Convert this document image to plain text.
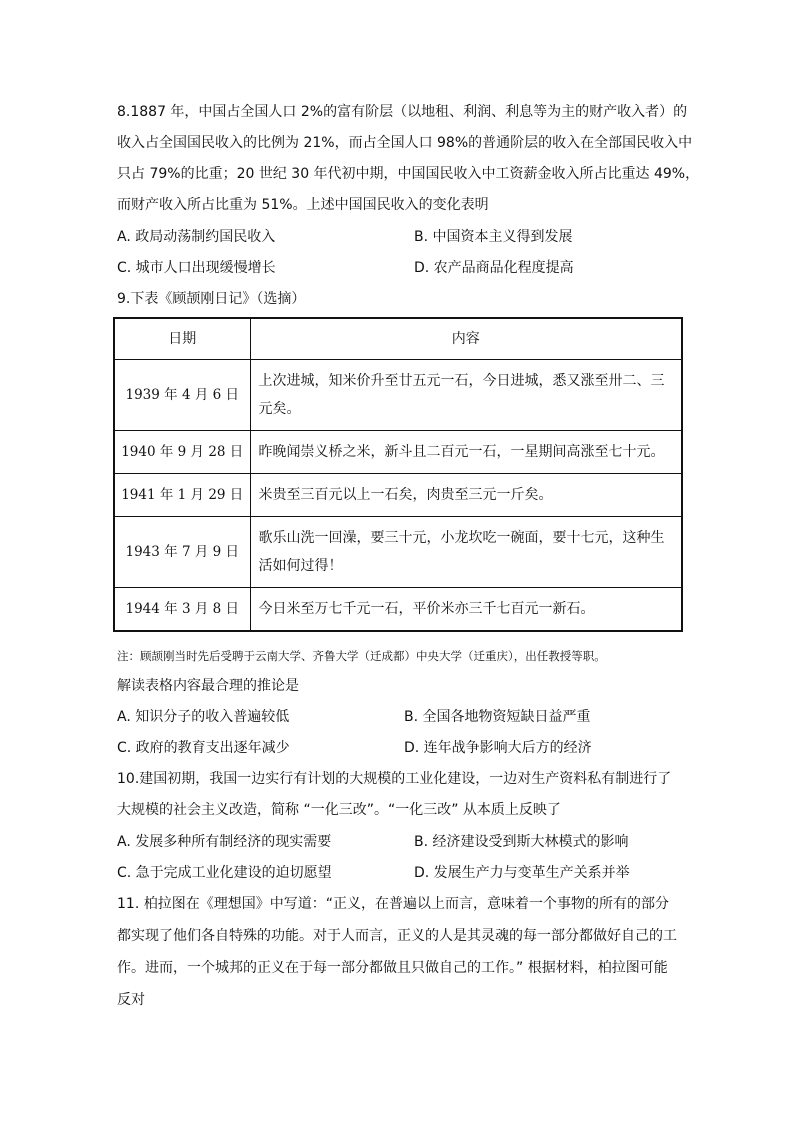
8.1887 年，中国占全国人口 2%的富有阶层（以地租、利润、利息等为主的财产收入者）的
收入占全国国民收入的比例为 21%，而占全国人口 98%的普通阶层的收入在全部国民收入中
只占 79%的比重；20 世纪 30 年代初中期，中国国民收入中工资薪金收入所占比重达 49%，
而财产收入所占比重为 51%。上述中国国民收入的变化表明
A. 政局动荡制约国民收入	B. 中国资本主义得到发展
C. 城市人口出现缓慢增长	D. 农产品商品化程度提高
9.下表《顾颉刚日记》（选摘）
日期	内容
1939 年 4 月 6 日	上次进城，知米价升至廿五元一石，今日进城，悉又涨至卅二、三元矣。
1940 年 9 月 28 日	昨晚闻崇义桥之米，新斗且二百元一石，一星期间高涨至七十元。
1941 年 1 月 29 日	米贵至三百元以上一石矣，肉贵至三元一斤矣。
1943 年 7 月 9 日	歌乐山洗一回澡，要三十元，小龙坎吃一碗面，要十七元，这种生活如何过得！
1944 年 3 月 8 日	今日米至万七千元一石，平价米亦三千七百元一新石。
注：顾颉刚当时先后受聘于云南大学、齐鲁大学（迁成都）中央大学（迁重庆），出任教授等职。
解读表格内容最合理的推论是
A. 知识分子的收入普遍较低	B. 全国各地物资短缺日益严重
C. 政府的教育支出逐年减少	D. 连年战争影响大后方的经济
10.建国初期，我国一边实行有计划的大规模的工业化建设，一边对生产资料私有制进行了
大规模的社会主义改造，简称 “一化三改”。“一化三改” 从本质上反映了
A. 发展多种所有制经济的现实需要	B. 经济建设受到斯大林模式的影响
C. 急于完成工业化建设的迫切愿望	D. 发展生产力与变革生产关系并举
11. 柏拉图在《理想国》中写道：“正义，在普遍以上而言，意味着一个事物的所有的部分
都实现了他们各自特殊的功能。对于人而言，正义的人是其灵魂的每一部分都做好自己的工
作。进而，一个城邦的正义在于每一部分都做且只做自己的工作。” 根据材料，柏拉图可能
反对
